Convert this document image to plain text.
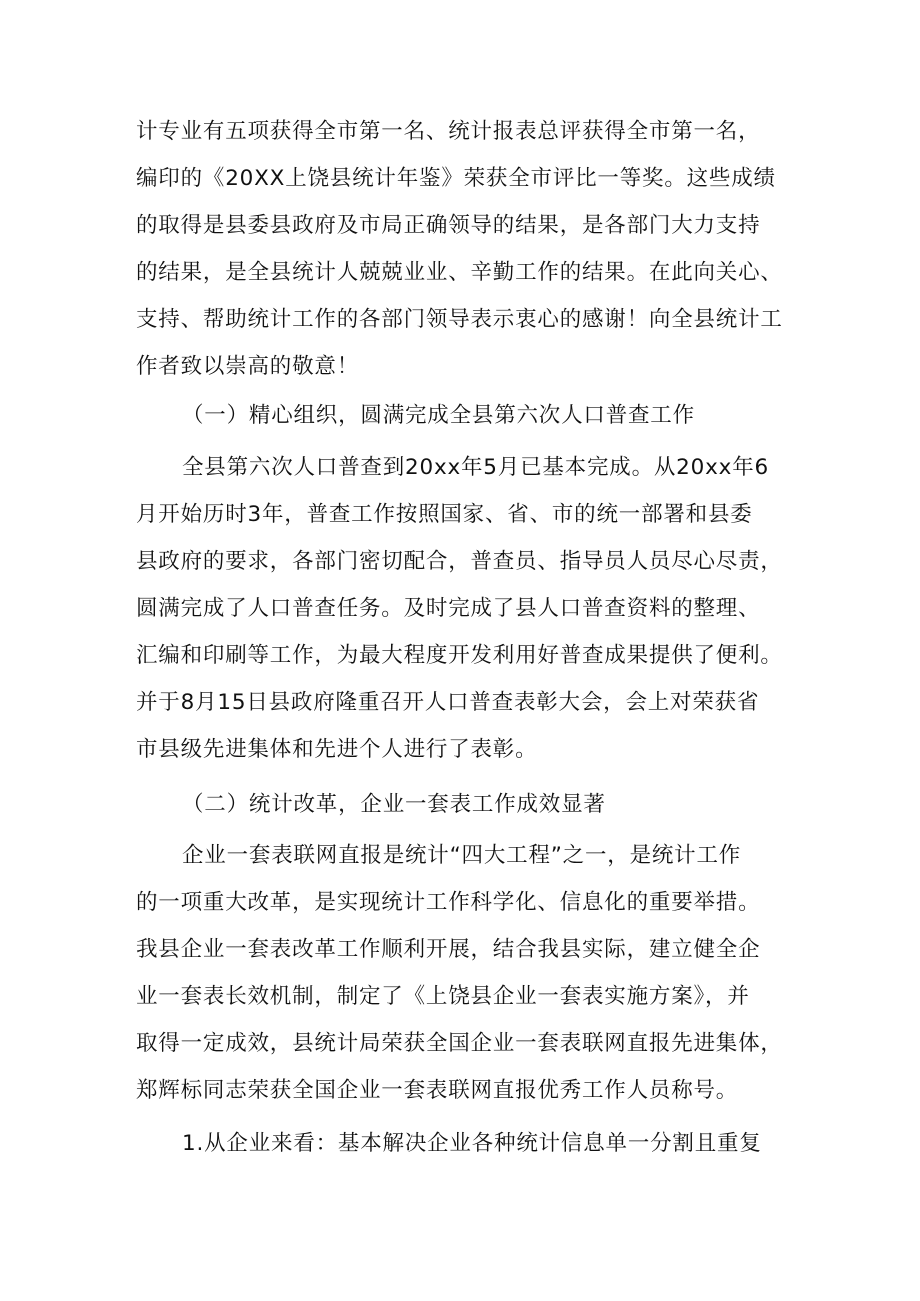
计专业有五项获得全市第一名、统计报表总评获得全市第一名，
编印的《20XX上饶县统计年鉴》荣获全市评比一等奖。这些成绩
的取得是县委县政府及市局正确领导的结果，是各部门大力支持
的结果，是全县统计人兢兢业业、辛勤工作的结果。在此向关心、
支持、帮助统计工作的各部门领导表示衷心的感谢！向全县统计工
作者致以崇高的敬意！
（一）精心组织，圆满完成全县第六次人口普查工作
全县第六次人口普查到20xx年5月已基本完成。从20xx年6
月开始历时3年，普查工作按照国家、省、市的统一部署和县委
县政府的要求，各部门密切配合，普查员、指导员人员尽心尽责，
圆满完成了人口普查任务。及时完成了县人口普查资料的整理、
汇编和印刷等工作，为最大程度开发利用好普查成果提供了便利。
并于8月15日县政府隆重召开人口普查表彰大会，会上对荣获省
市县级先进集体和先进个人进行了表彰。
（二）统计改革，企业一套表工作成效显著
企业一套表联网直报是统计“四大工程”之一，是统计工作
的一项重大改革，是实现统计工作科学化、信息化的重要举措。
我县企业一套表改革工作顺利开展，结合我县实际，建立健全企
业一套表长效机制，制定了《上饶县企业一套表实施方案》，并
取得一定成效，县统计局荣获全国企业一套表联网直报先进集体，
郑辉标同志荣获全国企业一套表联网直报优秀工作人员称号。
1.从企业来看：基本解决企业各种统计信息单一分割且重复
